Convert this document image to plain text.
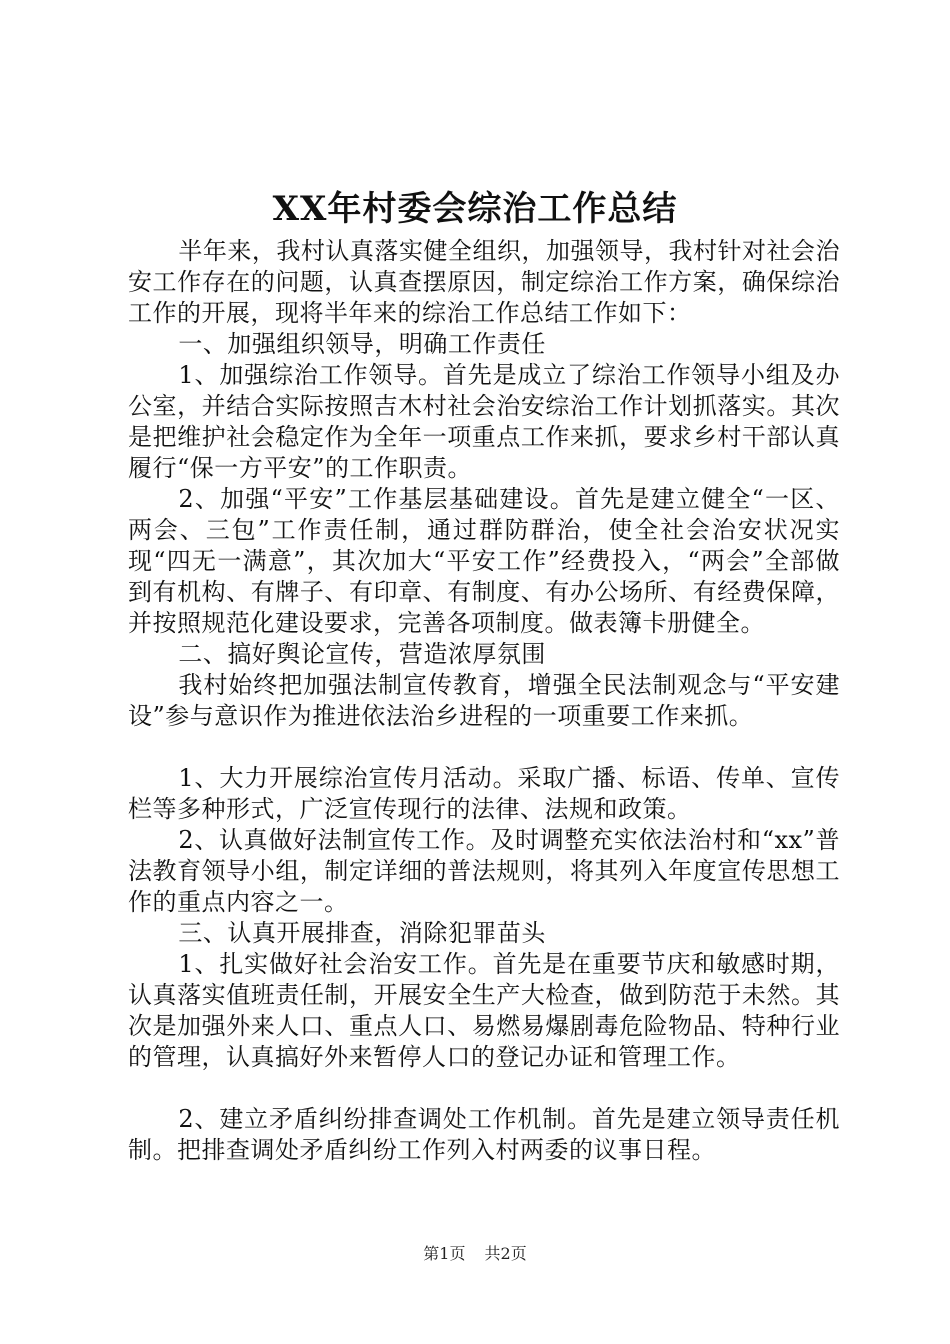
XX年村委会综治工作总结

半年来，我村认真落实健全组织，加强领导，我村针对社会治安工作存在的问题，认真查摆原因，制定综治工作方案，确保综治工作的开展，现将半年来的综治工作总结工作如下：

一、加强组织领导，明确工作责任

1、加强综治工作领导。首先是成立了综治工作领导小组及办公室，并结合实际按照吉木村社会治安综治工作计划抓落实。其次是把维护社会稳定作为全年一项重点工作来抓，要求乡村干部认真履行“保一方平安”的工作职责。

2、加强“平安”工作基层基础建设。首先是建立健全“一区、两会、三包”工作责任制，通过群防群治，使全社会治安状况实现“四无一满意”，其次加大“平安工作”经费投入，“两会”全部做到有机构、有牌子、有印章、有制度、有办公场所、有经费保障，并按照规范化建设要求，完善各项制度。做表簿卡册健全。

二、搞好舆论宣传，营造浓厚氛围

我村始终把加强法制宣传教育，增强全民法制观念与“平安建设”参与意识作为推进依法治乡进程的一项重要工作来抓。

1、大力开展综治宣传月活动。采取广播、标语、传单、宣传栏等多种形式，广泛宣传现行的法律、法规和政策。

2、认真做好法制宣传工作。及时调整充实依法治村和“xx”普法教育领导小组，制定详细的普法规则，将其列入年度宣传思想工作的重点内容之一。

三、认真开展排查，消除犯罪苗头

1、扎实做好社会治安工作。首先是在重要节庆和敏感时期，认真落实值班责任制，开展安全生产大检查，做到防范于未然。其次是加强外来人口、重点人口、易燃易爆剧毒危险物品、特种行业的管理，认真搞好外来暂停人口的登记办证和管理工作。

2、建立矛盾纠纷排查调处工作机制。首先是建立领导责任机制。把排查调处矛盾纠纷工作列入村两委的议事日程。

第1页 共2页
